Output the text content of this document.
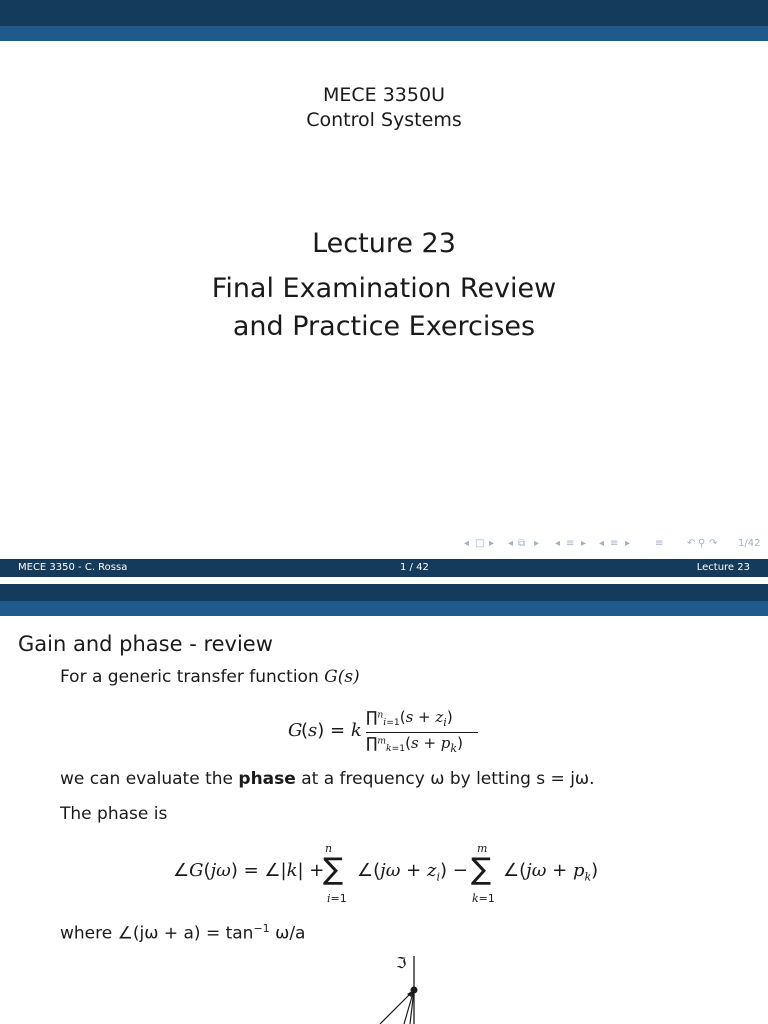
MECE 3350U
Control Systems
Lecture 23
Final Examination Review
and Practice Exercises
◂ □ ▸ ◂ ⧉ ▸ ◂ ≡ ▸ ◂ ≡ ▸ ≡ ↶ ⚲ ↷ 1/42
MECE 3350 - C. Rossa	1 / 42	Lecture 23
Gain and phase - review
For a generic transfer function G(s)
G
(s) = k
∏$^n_{i=1}$(s + $z_i$)
∏$^m_{k=1}$(s + $p_k$)
we can evaluate the phase at a frequency ω by letting s = jω.
The phase is
∠G(jω) = ∠|k| +
n
∑
i=1
∠(jω + $z_i$) −
m
∑
k=1
∠(jω + $p_k$)
where ∠(jω + $a) = \tan^{-1} \omega/a$
ℑ
